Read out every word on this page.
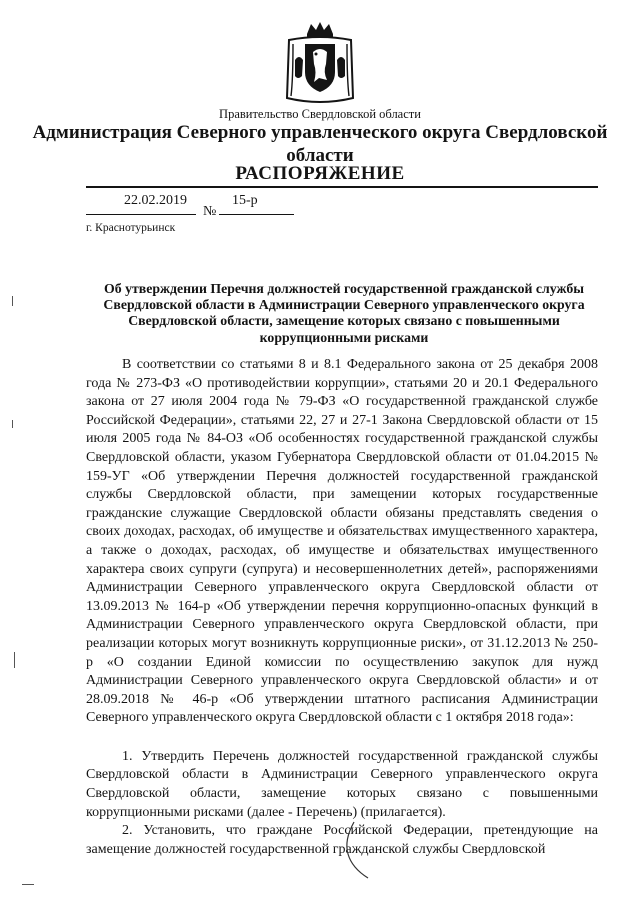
Правительство Свердловской области
Администрация Северного управленческого округа Свердловской области
РАСПОРЯЖЕНИЕ
22.02.2019	15-р
№
г. Краснотурьинск
Об утверждении Перечня должностей государственной гражданской службы Свердловской области в Администрации Северного управленческого округа Свердловской области, замещение которых связано с повышенными коррупционными рисками

В соответствии со статьями 8 и 8.1 Федерального закона от 25 декабря 2008 года № 273-ФЗ «О противодействии коррупции», статьями 20 и 20.1 Федерального закона от 27 июля 2004 года № 79-ФЗ «О государственной гражданской службе Российской Федерации», статьями 22, 27 и 27-1 Закона Свердловской области от 15 июля 2005 года № 84-ОЗ «Об особенностях государственной гражданской службы Свердловской области, указом Губернатора Свердловской области от 01.04.2015 № 159-УГ «Об утверждении Перечня должностей государственной гражданской службы Свердловской области, при замещении которых государственные гражданские служащие Свердловской области обязаны представлять сведения о своих доходах, расходах, об имуществе и обязательствах имущественного характера, а также о доходах, расходах, об имуществе и обязательствах имущественного характера своих супруги (супруга) и несовершеннолетних детей», распоряжениями Администрации Северного управленческого округа Свердловской области от 13.09.2013 № 164-р «Об утверждении перечня коррупционно-опасных функций в Администрации Северного управленческого округа Свердловской области, при реализации которых могут возникнуть коррупционные риски», от 31.12.2013 № 250-р «О создании Единой комиссии по осуществлению закупок для нужд Администрации Северного управленческого округа Свердловской области» и от 28.09.2018 № 46-р «Об утверждении штатного расписания Администрации Северного управленческого округа Свердловской области с 1 октября 2018 года»:

1. Утвердить Перечень должностей государственной гражданской службы Свердловской области в Администрации Северного управленческого округа Свердловской области, замещение которых связано с повышенными коррупционными рисками (далее - Перечень) (прилагается).

2. Установить, что граждане Российской Федерации, претендующие на замещение должностей государственной гражданской службы Свердловской
